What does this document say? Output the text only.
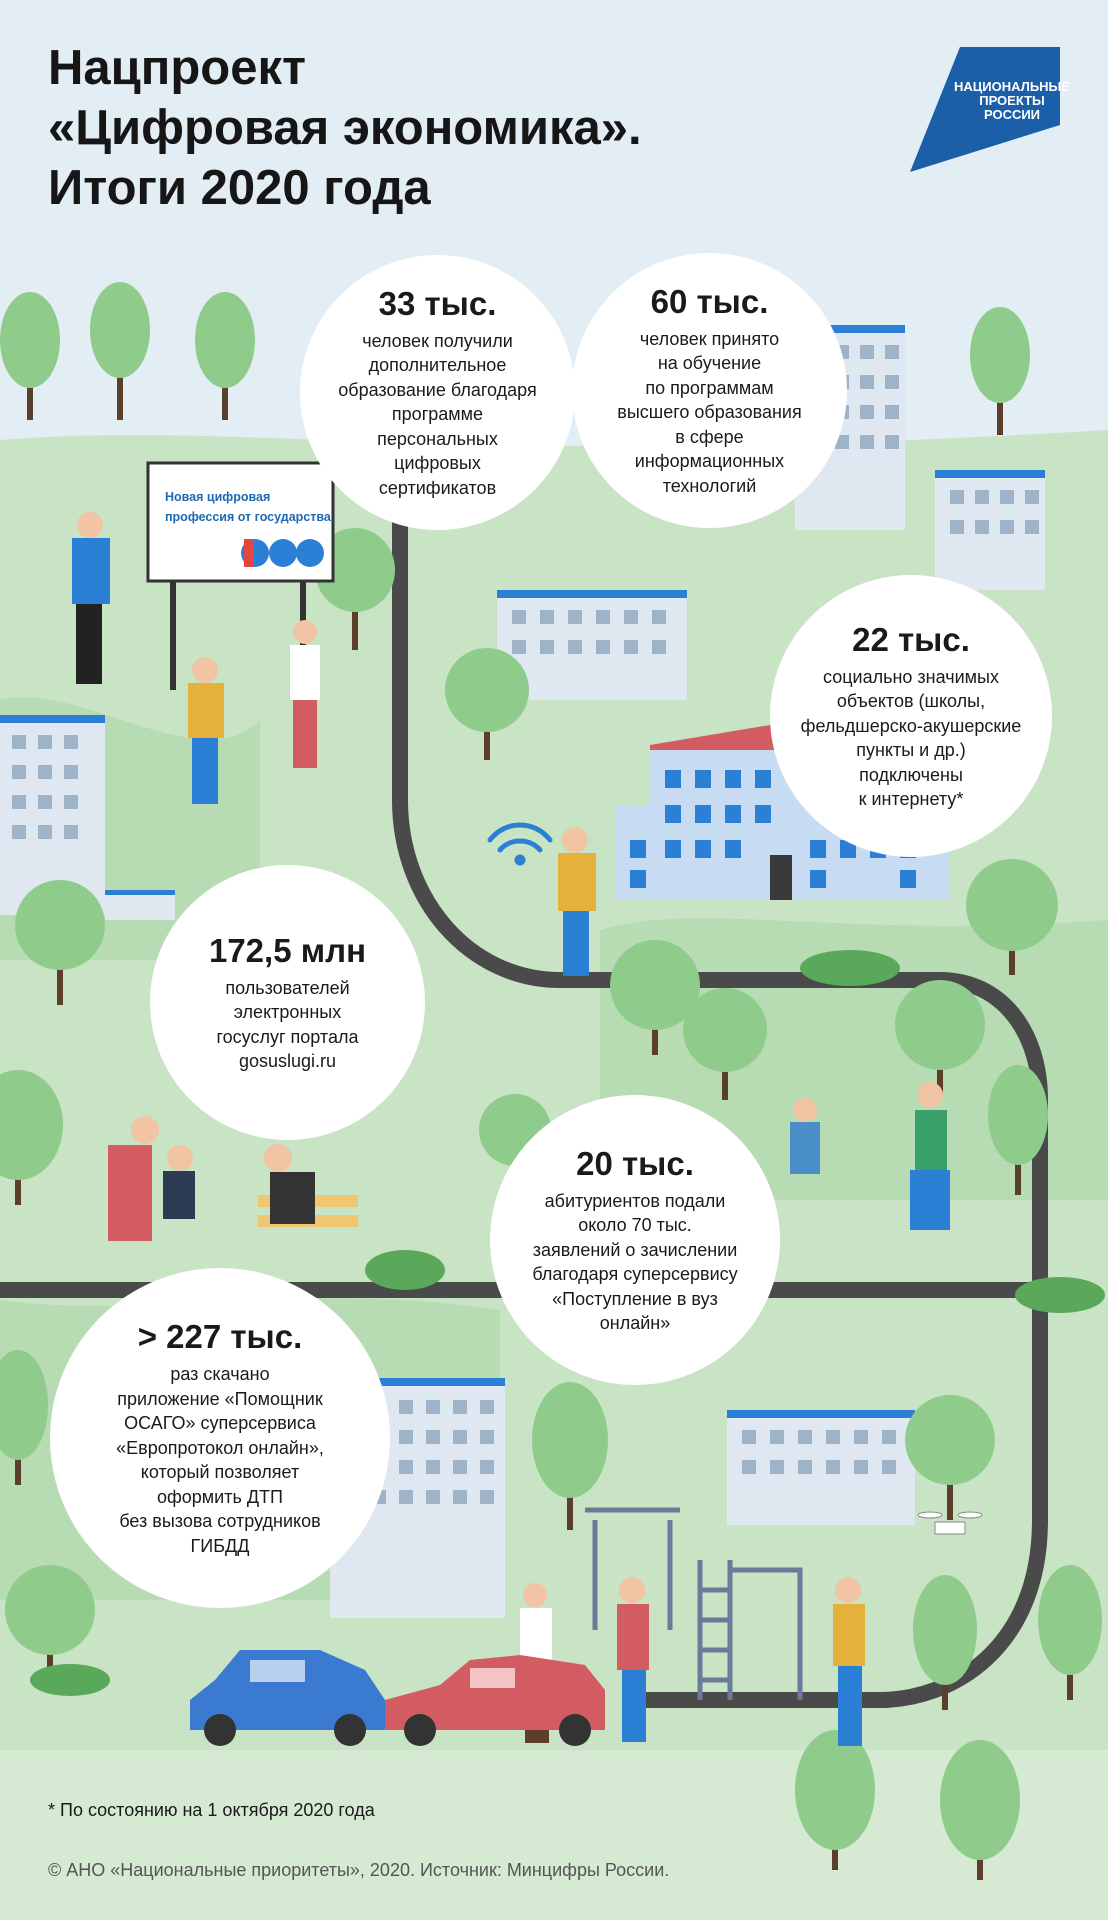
Нацпроект
«Цифровая экономика».
Итоги 2020 года
ЦИФРОВАЯ
ЭКОНОМИКА
НАЦИОНАЛЬНЫЕ
ПРОЕКТЫ
РОССИИ
Новая цифровая
профессия от государства
33 тыс.
человек получили
дополнительное
образование благодаря
программе
персональных
цифровых
сертификатов
60 тыс.
человек принято
на обучение
по программам
высшего образования
в сфере
информационных
технологий
22 тыс.
социально значимых
объектов (школы,
фельдшерско-акушерские
пункты и др.)
подключены
к интернету*
172,5 млн
пользователей
электронных
госуслуг портала
gosuslugi.ru
20 тыс.
абитуриентов подали
около 70 тыс.
заявлений о зачислении
благодаря суперсервису
«Поступление в вуз
онлайн»
> 227 тыс.
раз скачано
приложение «Помощник
ОСАГО» суперсервиса
«Европротокол онлайн»,
который позволяет
оформить ДТП
без вызова сотрудников
ГИБДД
* По состоянию на 1 октября 2020 года
© АНО «Национальные приоритеты», 2020. Источник: Минцифры России.
